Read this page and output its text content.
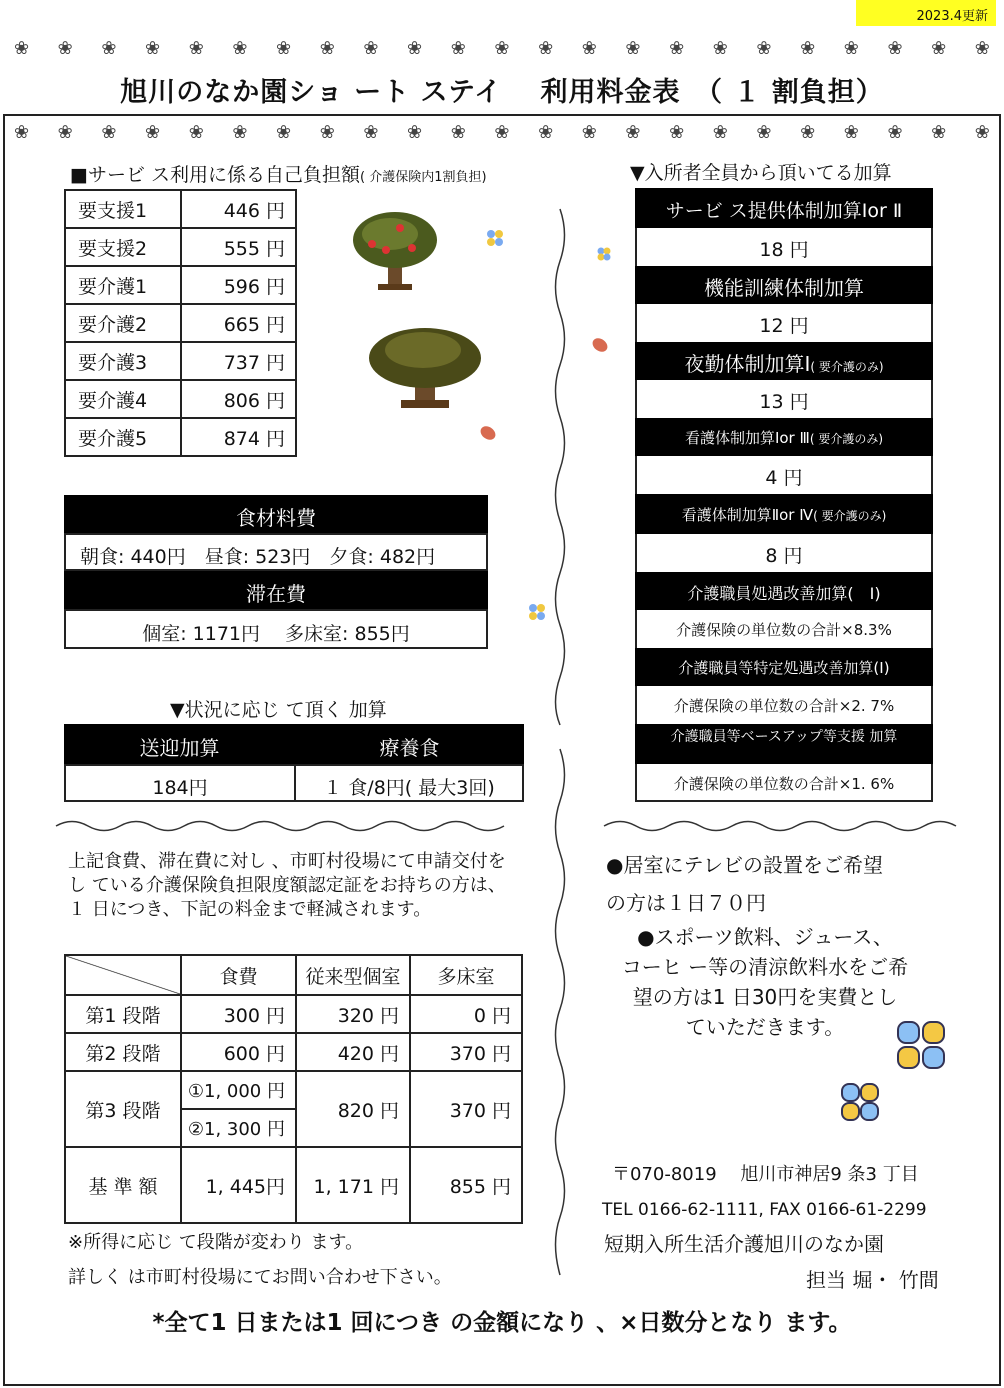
2023.4更新
❀ ❀ ❀ ❀ ❀ ❀ ❀ ❀ ❀ ❀ ❀ ❀ ❀ ❀ ❀ ❀ ❀ ❀ ❀ ❀ ❀ ❀ ❀
旭川のなか園ショ ート ステイ　 利用料金表　（ １ 割負担）
❀ ❀ ❀ ❀ ❀ ❀ ❀ ❀ ❀ ❀ ❀ ❀ ❀ ❀ ❀ ❀ ❀ ❀ ❀ ❀ ❀ ❀ ❀
■サービ ス利用に係る自己負担額( 介護保険内1割負担)
要支援1	446 円
要支援2	555 円
要介護1	596 円
要介護2	665 円
要介護3	737 円
要介護4	806 円
要介護5	874 円
食材料費
朝食: 440円　昼食: 523円　夕食: 482円
滞在費
個室: 1171円　 多床室: 855円
▼状況に応じ て頂く 加算
送迎加算	療養食
184円	１ 食/8円( 最大3回)
上記食費、滞在費に対し 、市町村役場にて申請交付をし ている介護保険負担限度額認定証をお持ちの方は、１ 日につき、下記の料金まで軽減されます。
	食費	従来型個室	多床室
第1 段階	300 円	320 円	0 円
第2 段階	600 円	420 円	370 円
第3 段階	①1, 000 円	820 円	370 円
	②1, 300 円		
基 準 額	1, 445円	1, 171 円	855 円
※所得に応じ て段階が変わり ます。
詳しく は市町村役場にてお問い合わせ下さい。
▼入所者全員から頂いてる加算
サービ ス提供体制加算Ⅰor Ⅱ
18 円
機能訓練体制加算
12 円
夜勤体制加算Ⅰ( 要介護のみ)
13 円
看護体制加算Ⅰor Ⅲ( 要介護のみ)
4 円
看護体制加算Ⅱor Ⅳ( 要介護のみ)
8 円
介護職員処遇改善加算(　Ⅰ)
介護保険の単位数の合計×8.3%
介護職員等特定処遇改善加算(Ⅰ)
介護保険の単位数の合計×2. 7%
介護職員等ベースアップ等支援 加算
介護保険の単位数の合計×1. 6%
●居室にテレビの設置をご希望
の方は１日７０円
●スポーツ飲料、ジュース、
コーヒ ー等の清涼飲料水をご希
望の方は1 日30円を実費とし
ていただきます。
〒070-8019　 旭川市神居9 条3 丁目
TEL 0166-62-1111, FAX 0166-61-2299
短期入所生活介護旭川のなか園
担当 堀・ 竹間
*全て1 日または1 回につき の金額になり 、×日数分となり ます。
